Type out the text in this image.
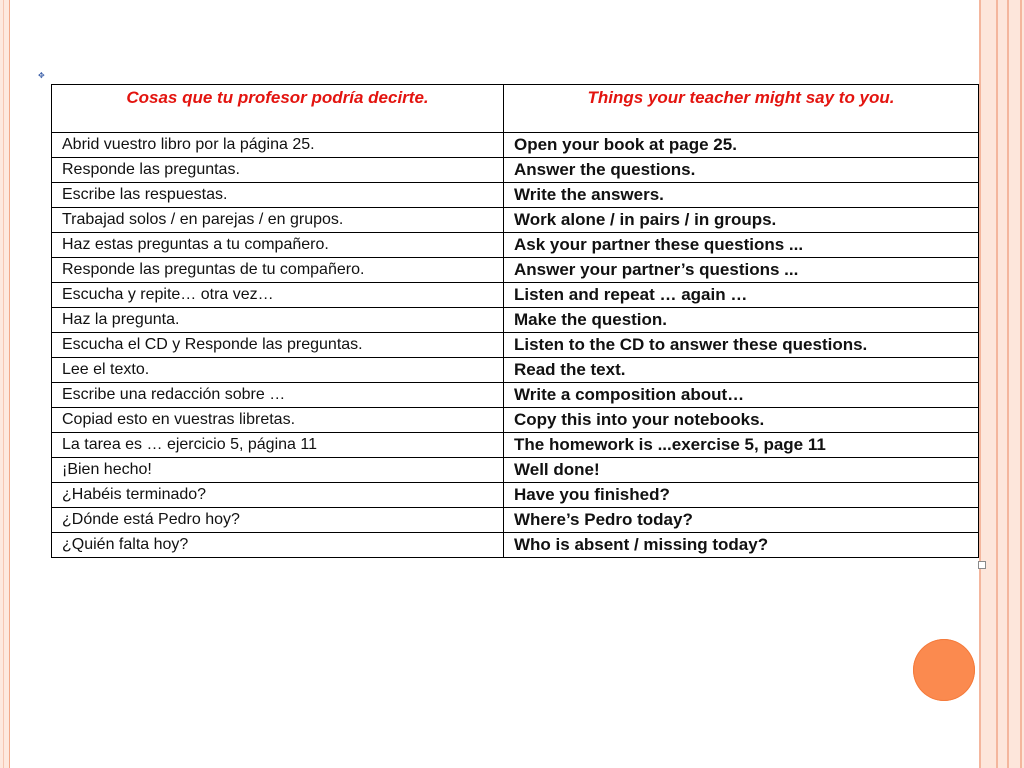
✥
Cosas que tu profesor podría decirte.	Things your teacher might say to you.
Abrid vuestro libro por la página 25.	Open your book at page 25.
Responde las preguntas.	Answer the questions.
Escribe las respuestas.	Write the answers.
Trabajad solos / en parejas / en grupos.	Work alone / in pairs / in groups.
Haz estas preguntas a tu compañero.	Ask your partner these questions ...
Responde las preguntas de tu compañero.	Answer your partner’s questions ...
Escucha y repite… otra vez…	Listen and repeat … again …
Haz la pregunta.	Make the question.
Escucha el CD y Responde las preguntas.	Listen to the CD to answer these questions.
Lee el texto.	Read the text.
Escribe una redacción sobre …	Write a composition about…
Copiad esto en vuestras libretas.	Copy this into your notebooks.
La tarea es … ejercicio 5, página 11	The homework is ...exercise 5, page 11
¡Bien hecho!	Well done!
¿Habéis terminado?	Have you finished?
¿Dónde está Pedro hoy?	Where’s Pedro today?
¿Quién falta hoy?	Who is absent / missing today?
